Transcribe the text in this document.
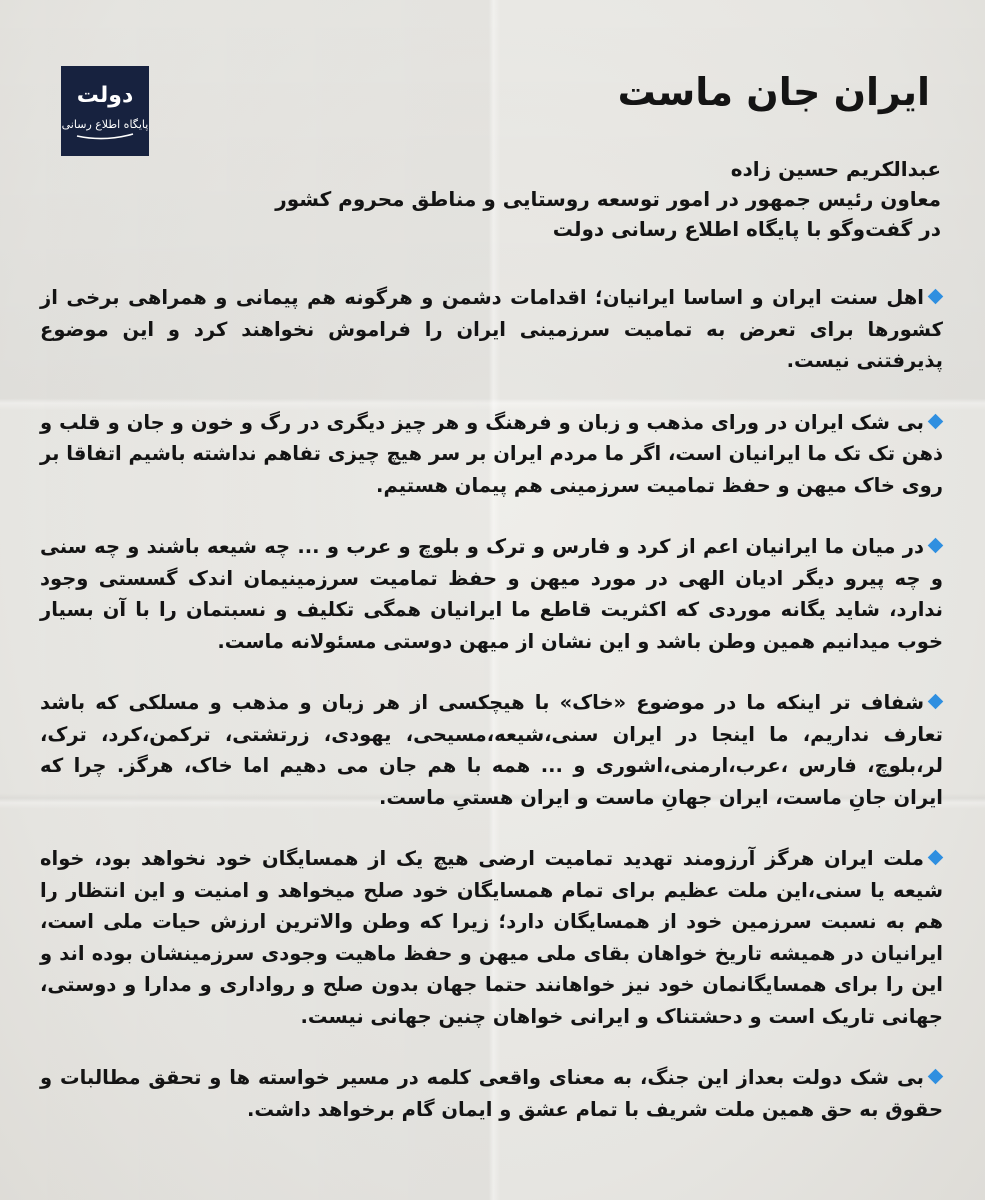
دولت
پایگاه اطلاع رسانی
ایران جان ماست
عبدالکریم حسین زاده
معاون رئیس جمهور در امور توسعه روستایی و مناطق محروم کشور
در گفت‌وگو با پایگاه اطلاع رسانی دولت

اهل سنت ایران و اساسا ایرانیان؛ اقدامات دشمن و هرگونه هم پیمانی و همراهی برخی از کشورها برای تعرض به تمامیت سرزمینی ایران را فراموش نخواهند کرد و این موضوع پذیرفتنی نیست.

بی شک ایران در ورای مذهب و زبان و فرهنگ و هر چیز دیگری در رگ و خون و جان و قلب و ذهن تک تک ما ایرانیان است، اگر ما مردم ایران بر سر هیچ چیزی تفاهم نداشته باشیم اتفاقا بر روی خاک میهن و حفظ تمامیت سرزمینی هم پیمان هستیم.

در میان ما ایرانیان اعم از کرد و فارس و ترک و بلوچ و عرب و ... چه شیعه باشند و چه سنی و چه پیرو دیگر ادیان الهی در مورد میهن و حفظ تمامیت سرزمینیمان اندک گسستی وجود ندارد، شاید یگانه موردی که اکثریت قاطع ما ایرانیان همگی تکلیف و نسبتمان را با آن بسیار خوب میدانیم همین وطن باشد و این نشان از میهن دوستی مسئولانه ماست.

شفاف تر اینکه ما در موضوع «خاک» با هیچکسی از هر زبان و مذهب و مسلکی که باشد تعارف نداریم، ما اینجا در ایران سنی،شیعه،مسیحی، یهودی، زرتشتی، ترکمن،کرد، ترک، لر،بلوچ، فارس ،عرب،ارمنی،اشوری و ... همه با هم جان می دهیم اما خاک، هرگز. چرا که ایران جانِ ماست، ایران جهانِ ماست و ایران هستیِ ماست.

ملت ایران هرگز آرزومند تهدید تمامیت ارضی هیچ یک از همسایگان خود نخواهد بود، خواه شیعه یا سنی،این ملت عظیم برای تمام همسایگان خود صلح میخواهد و امنیت و این انتظار را هم به نسبت سرزمین خود از همسایگان دارد؛ زیرا که وطن والاترین ارزش حیات ملی است، ایرانیان در همیشه تاریخ خواهان بقای ملی میهن و حفظ ماهیت وجودی سرزمینشان بوده اند و این را برای همسایگانمان خود نیز خواهانند حتما جهان بدون صلح و رواداری و مدارا و دوستی، جهانی تاریک است و دحشتناک و ایرانی خواهان چنین جهانی نیست.

بی شک دولت بعداز این جنگ، به معنای واقعی کلمه در مسیر خواسته ها و تحقق مطالبات و حقوق به حق همین ملت شریف با تمام عشق و ایمان گام برخواهد داشت.
